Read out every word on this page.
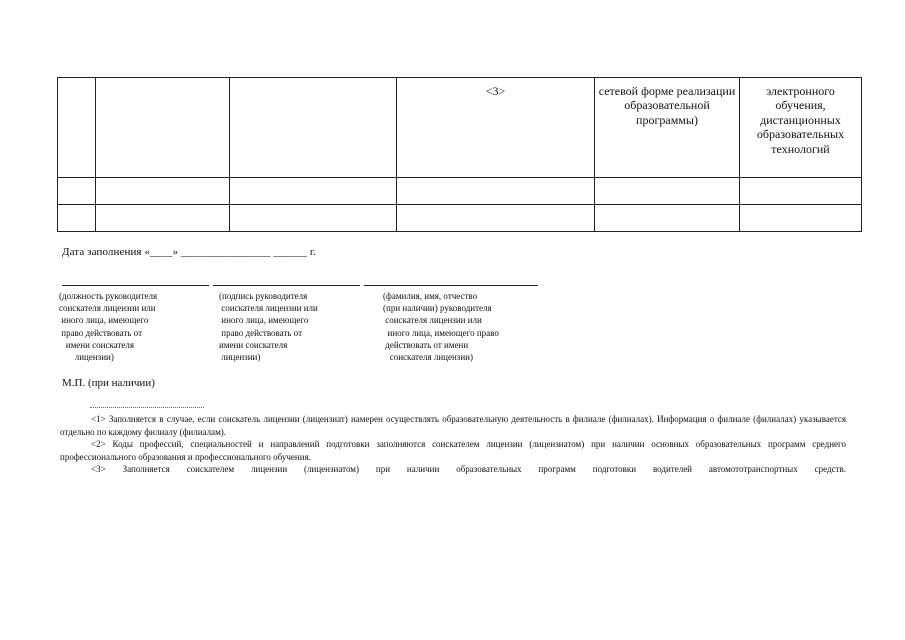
			<3>	сетевой форме реализации образовательной программы)	электронного обучения, дистанционных образовательных технологий

Дата заполнения «____» ________________ ______ г.
(должность руководителя
соискателя лицензии или
иного лица, имеющего
право действовать от
имени соискателя
лицензии)
(подпись руководителя
соискателя лицензии или
иного лица, имеющего
право действовать от
имени соискателя
лицензии)
(фамилия, имя, отчество
(при наличии) руководителя
соискателя лицензии или
иного лица, имеющего право
действовать от имени
соискателя лицензии)
М.П. (при наличии)

<1> Заполняется в случае, если соискатель лицензии (лицензиат) намерен осуществлять образовательную деятельность в филиале (филиалах). Информация о филиале (филиалах) указывается отдельно по каждому филиалу (филиалам).

<2> Коды профессий, специальностей и направлений подготовки заполняются соискателем лицензии (лицензиатом) при наличии основных образовательных программ среднего профессионального образования и профессионального обучения.

<3> Заполняется соискателем лицензии (лицензиатом) при наличии образовательных программ подготовки водителей автомототранспортных средств.
